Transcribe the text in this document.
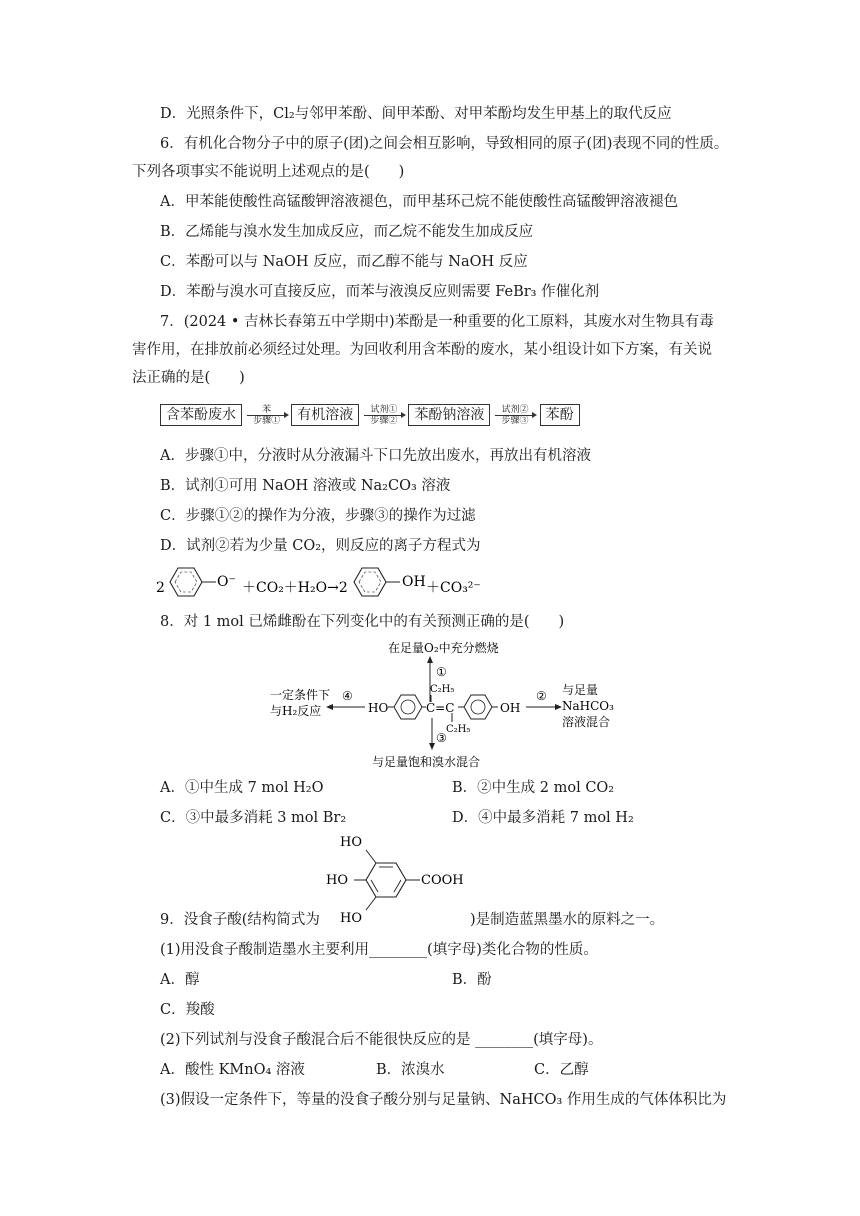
D．光照条件下，Cl₂与邻甲苯酚、间甲苯酚、对甲苯酚均发生甲基上的取代反应
6．有机化合物分子中的原子(团)之间会相互影响，导致相同的原子(团)表现不同的性质。
下列各项事实不能说明上述观点的是(　　)
A．甲苯能使酸性高锰酸钾溶液褪色，而甲基环己烷不能使酸性高锰酸钾溶液褪色
B．乙烯能与溴水发生加成反应，而乙烷不能发生加成反应
C．苯酚可以与 NaOH 反应，而乙醇不能与 NaOH 反应
D．苯酚与溴水可直接反应，而苯与液溴反应则需要 FeBr₃ 作催化剂
7．(2024 • 吉林长春第五中学期中)苯酚是一种重要的化工原料，其废水对生物具有毒
害作用，在排放前必须经过处理。为回收利用含苯酚的废水，某小组设计如下方案，有关说
法正确的是(　　)
含苯酚废水	苯
步骤①	有机溶液	试剂①
步骤②	苯酚钠溶液	试剂②
步骤③	苯酚
A．步骤①中，分液时从分液漏斗下口先放出废水，再放出有机溶液
B．试剂①可用 NaOH 溶液或 Na₂CO₃ 溶液
C．步骤①②的操作为分液，步骤③的操作为过滤
D．试剂②若为少量 CO₂，则反应的离子方程式为
2	O⁻ ＋CO₂＋H₂O→2	OH ＋CO₃²⁻
8．对 1 mol 已烯雌酚在下列变化中的有关预测正确的是(　　)
在足量O₂中充分燃烧
①
C₂H₅
一定条件下
与H₂反应
④
HO	C=C	OH
C₂H₅
② 与足量
NaHCO₃
溶液混合
③
与足量饱和溴水混合
A．①中生成 7 mol H₂O	B．②中生成 2 mol CO₂
C．③中最多消耗 3 mol Br₂	D．④中最多消耗 7 mol H₂
HO
HO
HO
COOH
9．没食子酸(结构简式为	)是制造蓝黑墨水的原料之一。
(1)用没食子酸制造墨水主要利用________(填字母)类化合物的性质。
A．醇	B．酚
C．羧酸
(2)下列试剂与没食子酸混合后不能很快反应的是 ________(填字母)。
A．酸性 KMnO₄ 溶液	B．浓溴水	C．乙醇
(3)假设一定条件下，等量的没食子酸分别与足量钠、NaHCO₃ 作用生成的气体体积比为
